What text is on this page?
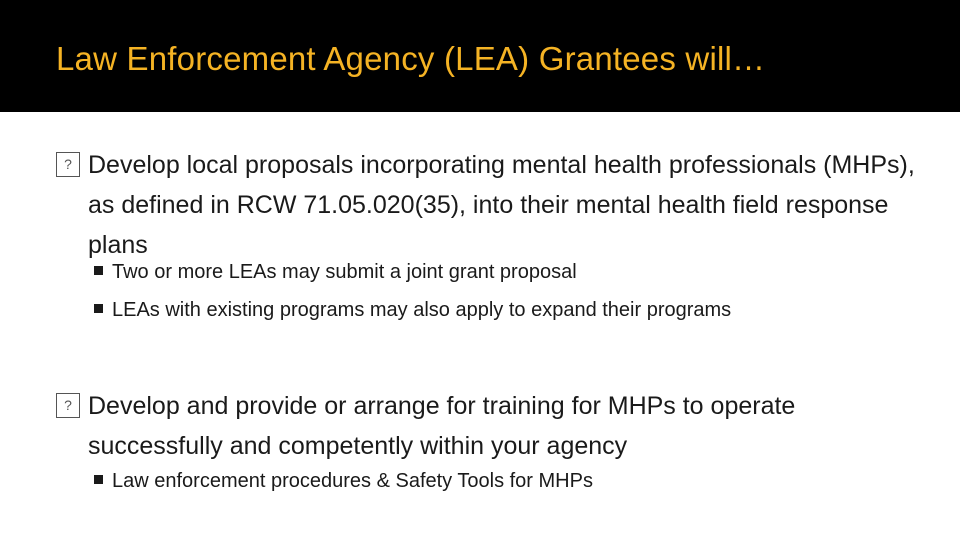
Law Enforcement Agency (LEA) Grantees will…

?Develop local proposals incorporating mental health professionals (MHPs), as defined in RCW 71.05.020(35), into their mental health field response plans

Two or more LEAs may submit a joint grant proposal

LEAs with existing programs may also apply to expand their programs

?Develop and provide or arrange for training for MHPs to operate successfully and competently within your agency

Law enforcement procedures & Safety Tools for MHPs
